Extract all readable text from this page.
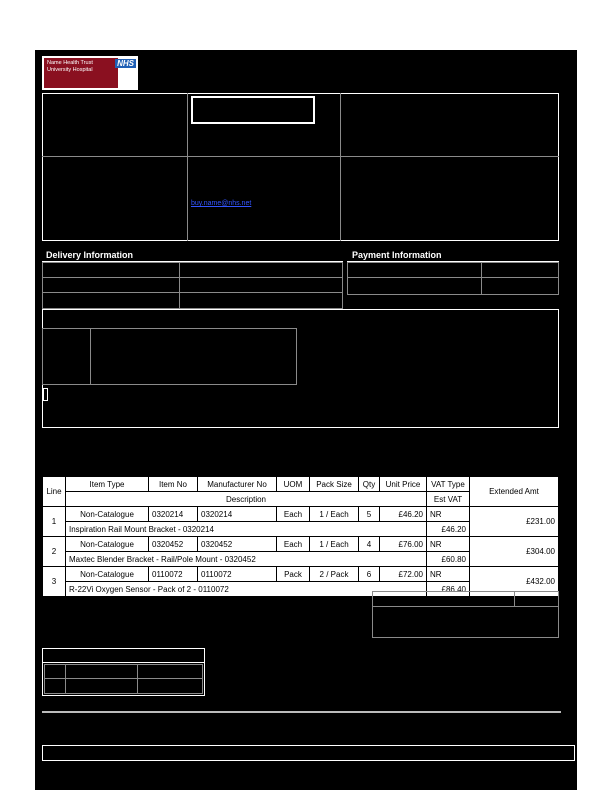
Name Health Trust University Hospital
NHS
buy.name@nhs.net
Delivery Information	Payment Information
Line	Item Type	Item No	Manufacturer No	UOM	Pack Size	Qty	Unit Price	VAT Type	Extended Amt
	Description							Est VAT	
1	Non-Catalogue	0320214	0320214	Each	1 / Each	5	£46.20	NR	£231.00
	Inspiration Rail Mount Bracket - 0320214							£46.20	
2	Non-Catalogue	0320452	0320452	Each	1 / Each	4	£76.00	NR	£304.00
	Maxtec Blender Bracket - Rail/Pole Mount - 0320452							£60.80	
3	Non-Catalogue	0110072	0110072	Pack	2 / Pack	6	£72.00	NR	£432.00
	R-22Vi Oxygen Sensor - Pack of 2 - 0110072							£86.40	
